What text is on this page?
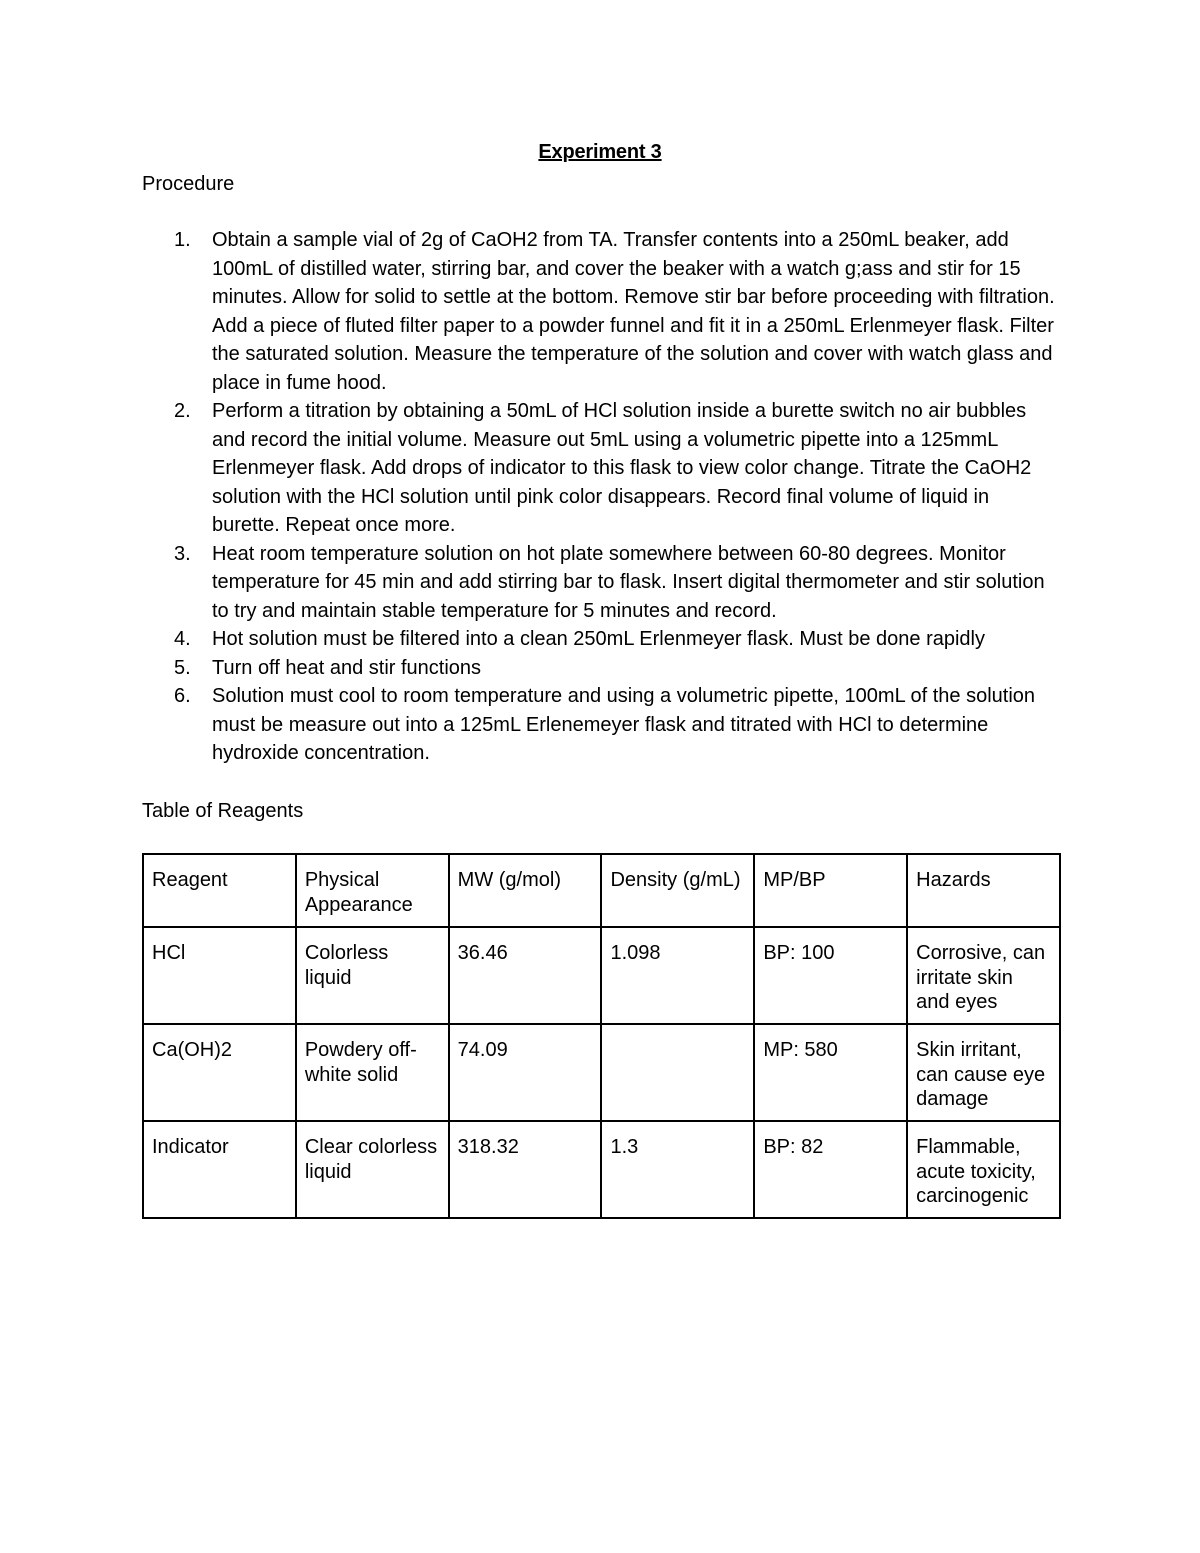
Experiment 3
Procedure
1. Obtain a sample vial of 2g of CaOH2 from TA. Transfer contents into a 250mL beaker, add 100mL of distilled water, stirring bar, and cover the beaker with a watch g;ass and stir for 15 minutes. Allow for solid to settle at the bottom. Remove stir bar before proceeding with filtration. Add a piece of fluted filter paper to a powder funnel and fit it in a 250mL Erlenmeyer flask. Filter the saturated solution. Measure the temperature of the solution and cover with watch glass and place in fume hood.
2. Perform a titration by obtaining a 50mL of HCl solution inside a burette switch no air bubbles and record the initial volume. Measure out 5mL using a volumetric pipette into a 125mmL Erlenmeyer flask. Add drops of indicator to this flask to view color change. Titrate the CaOH2 solution with the HCl solution until pink color disappears. Record final volume of liquid in burette. Repeat once more.
3. Heat room temperature solution on hot plate somewhere between 60-80 degrees. Monitor temperature for 45 min and add stirring bar to flask. Insert digital thermometer and stir solution to try and maintain stable temperature for 5 minutes and record.
4. Hot solution must be filtered into a clean 250mL Erlenmeyer flask. Must be done rapidly
5. Turn off heat and stir functions
6. Solution must cool to room temperature and using a volumetric pipette, 100mL of the solution must be measure out into a 125mL Erlenemeyer flask and titrated with HCl to determine hydroxide concentration.
Table of Reagents
Reagent	Physical Appearance	MW (g/mol)	Density (g/mL)	MP/BP	Hazards
HCl	Colorless liquid	36.46	1.098	BP: 100	Corrosive, can irritate skin and eyes
Ca(OH)2	Powdery off-white solid	74.09		MP: 580	Skin irritant, can cause eye damage
Indicator	Clear colorless liquid	318.32	1.3	BP: 82	Flammable, acute toxicity, carcinogenic
